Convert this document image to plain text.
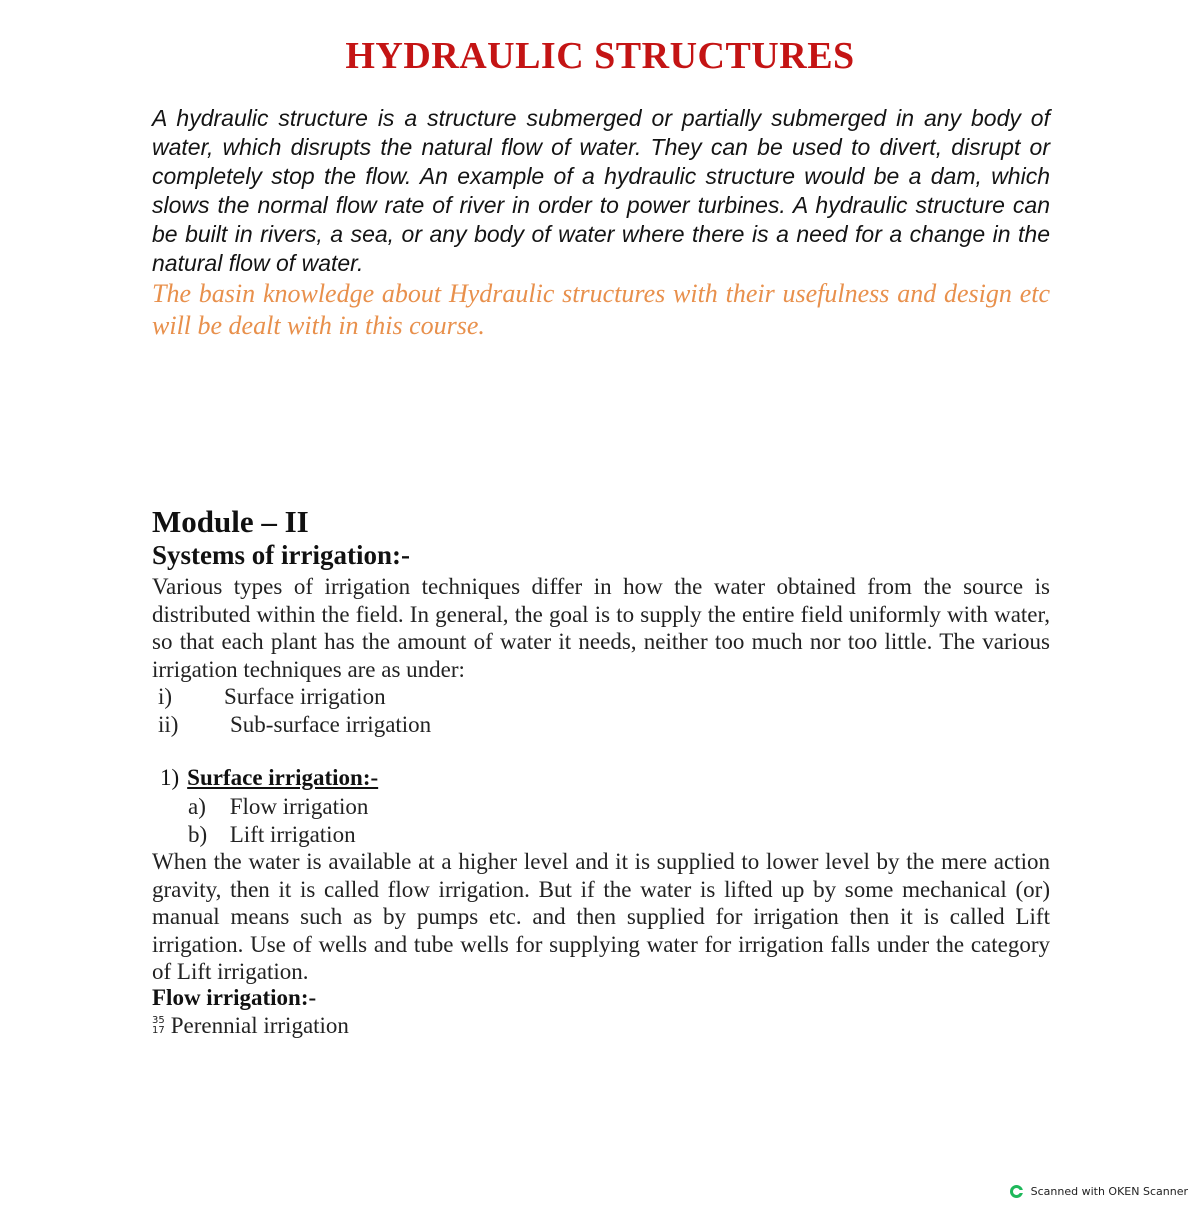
HYDRAULIC STRUCTURES

A hydraulic structure is a structure submerged or partially submerged in any body of water, which disrupts the natural flow of water. They can be used to divert, disrupt or completely stop the flow. An example of a hydraulic structure would be a dam, which slows the normal flow rate of river in order to power turbines. A hydraulic structure can be built in rivers, a sea, or any body of water where there is a need for a change in the natural flow of water.

The basin knowledge about Hydraulic structures with their usefulness and design etc will be dealt with in this course.

Module – II
Systems of irrigation:-

Various types of irrigation techniques differ in how the water obtained from the source is distributed within the field. In general, the goal is to supply the entire field uniformly with water, so that each plant has the amount of water it needs, neither too much nor too little. The various irrigation techniques are as under:

i)	Surface irrigation
ii)	Sub-surface irrigation
1) Surface irrigation:-
a) Flow irrigation
b) Lift irrigation

When the water is available at a higher level and it is supplied to lower level by the mere action gravity, then it is called flow irrigation. But if the water is lifted up by some mechanical (or) manual means such as by pumps etc. and then supplied for irrigation then it is called Lift irrigation. Use of wells and tube wells for supplying water for irrigation falls under the category of Lift irrigation.

Flow irrigation:-
35
17 Perennial irrigation
Scanned with OKEN Scanner
